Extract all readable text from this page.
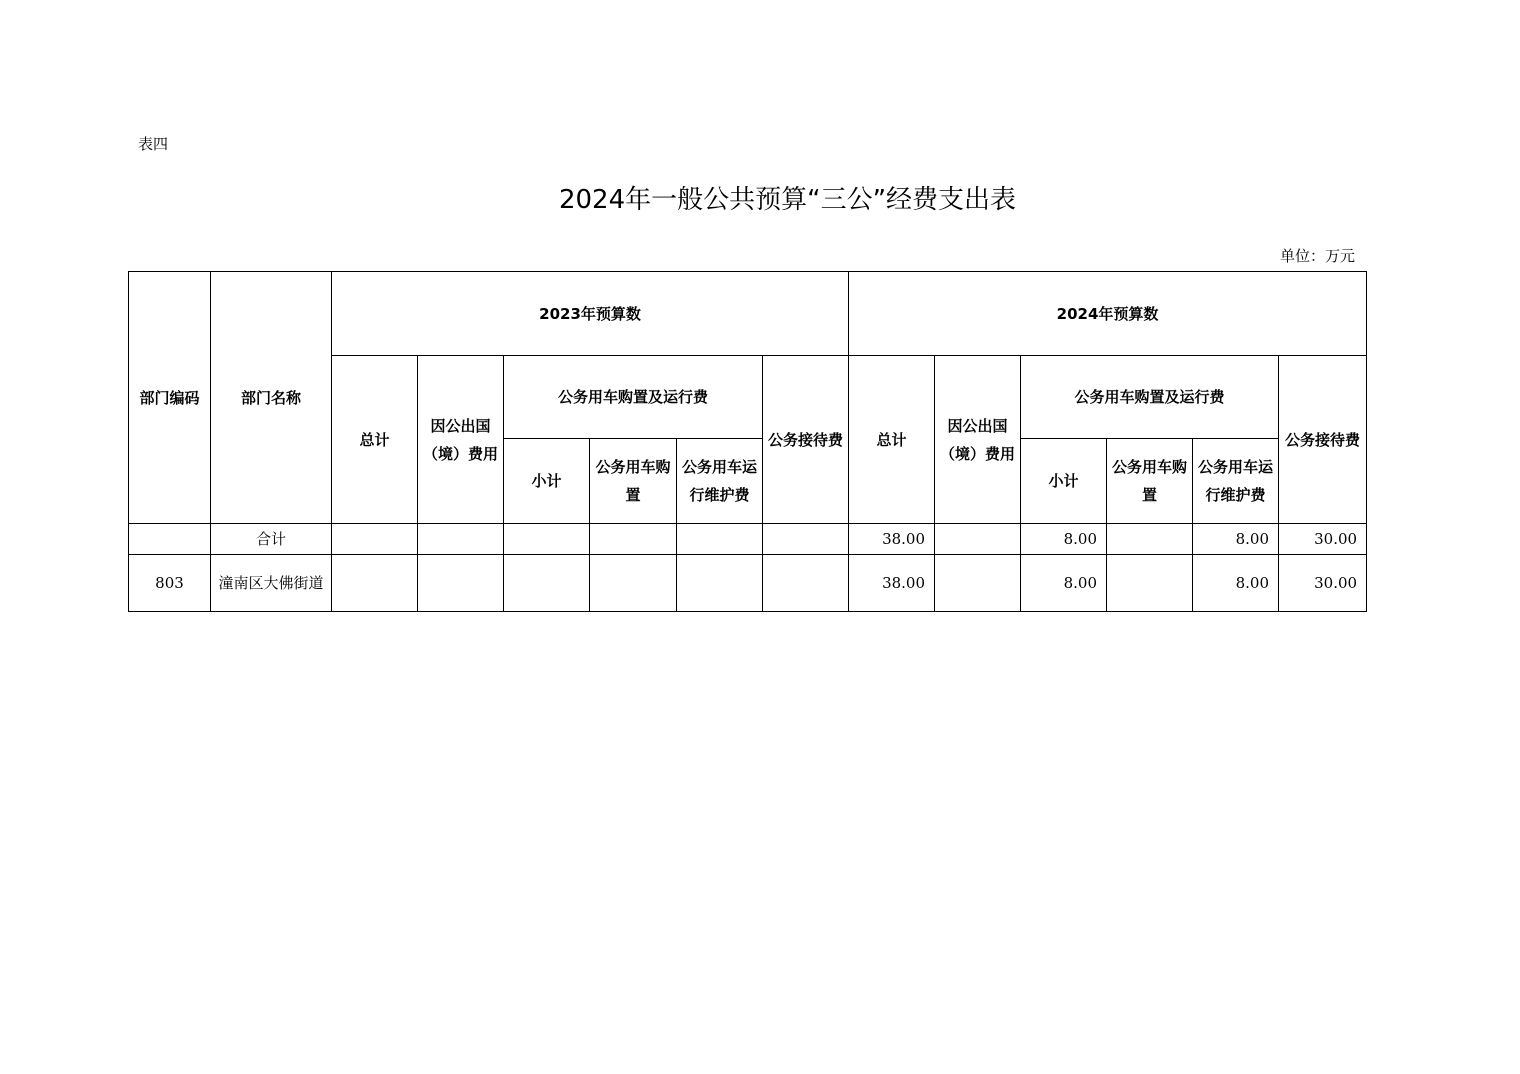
表四
2024年一般公共预算“三公”经费支出表
单位：万元
部门编码	部门名称	2023年预算数						2024年预算数					
		总计	因公出国（境）费用	公务用车购置及运行费			公务接待费	总计	因公出国（境）费用	公务用车购置及运行费			公务接待费
				小计	公务用车购置	公务用车运行维护费				小计	公务用车购置	公务用车运行维护费	
	合计							38.00		8.00		8.00	30.00
803	潼南区大佛街道							38.00		8.00		8.00	30.00
